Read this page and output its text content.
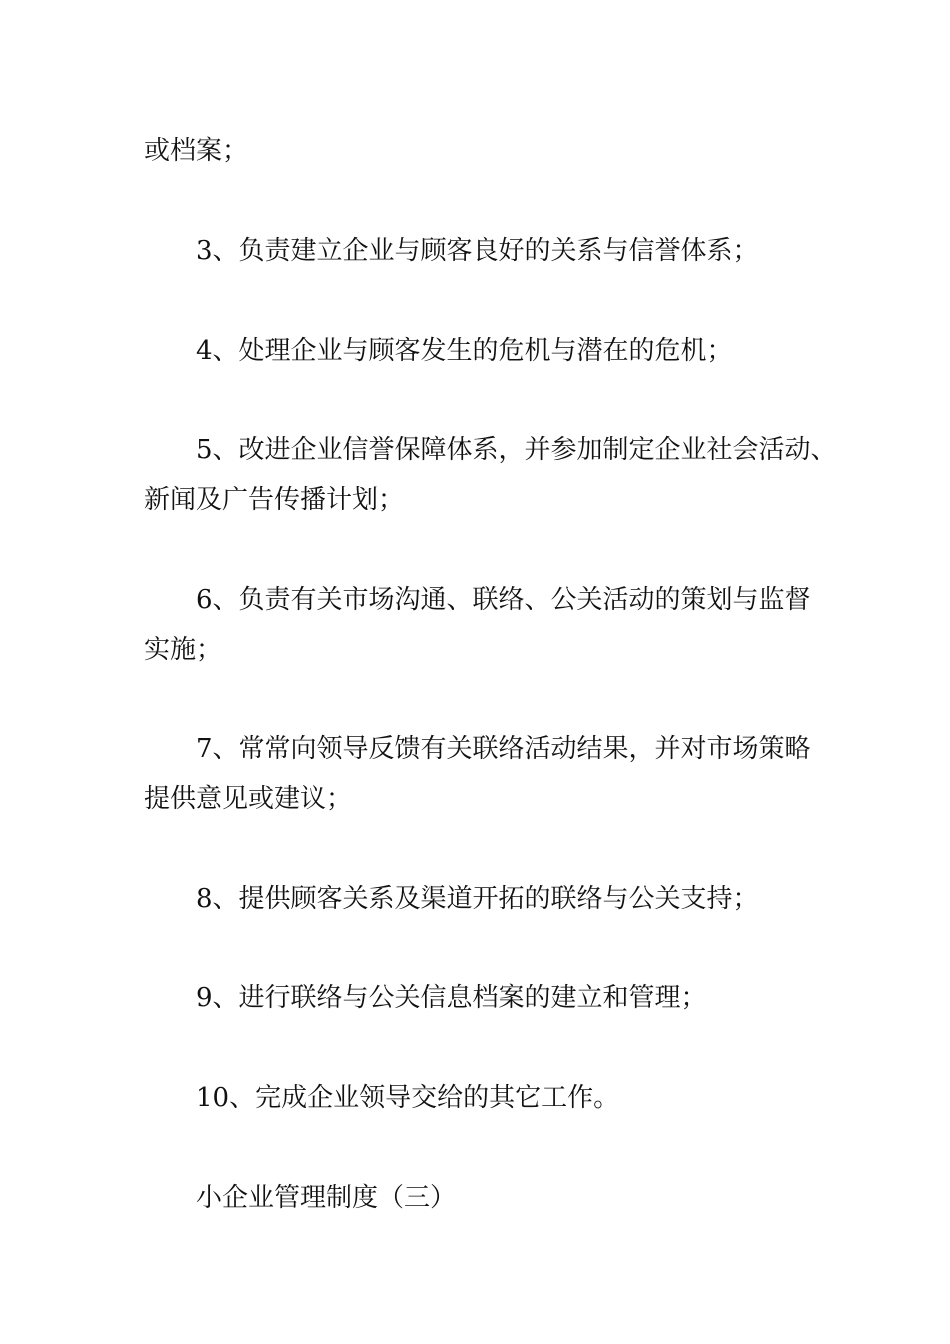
或档案；
3、负责建立企业与顾客良好的关系与信誉体系；
4、处理企业与顾客发生的危机与潜在的危机；
5、改进企业信誉保障体系，并参加制定企业社会活动、
新闻及广告传播计划；
6、负责有关市场沟通、联络、公关活动的策划与监督
实施；
7、常常向领导反馈有关联络活动结果，并对市场策略
提供意见或建议；
8、提供顾客关系及渠道开拓的联络与公关支持；
9、进行联络与公关信息档案的建立和管理；
10、完成企业领导交给的其它工作。
小企业管理制度（三）
